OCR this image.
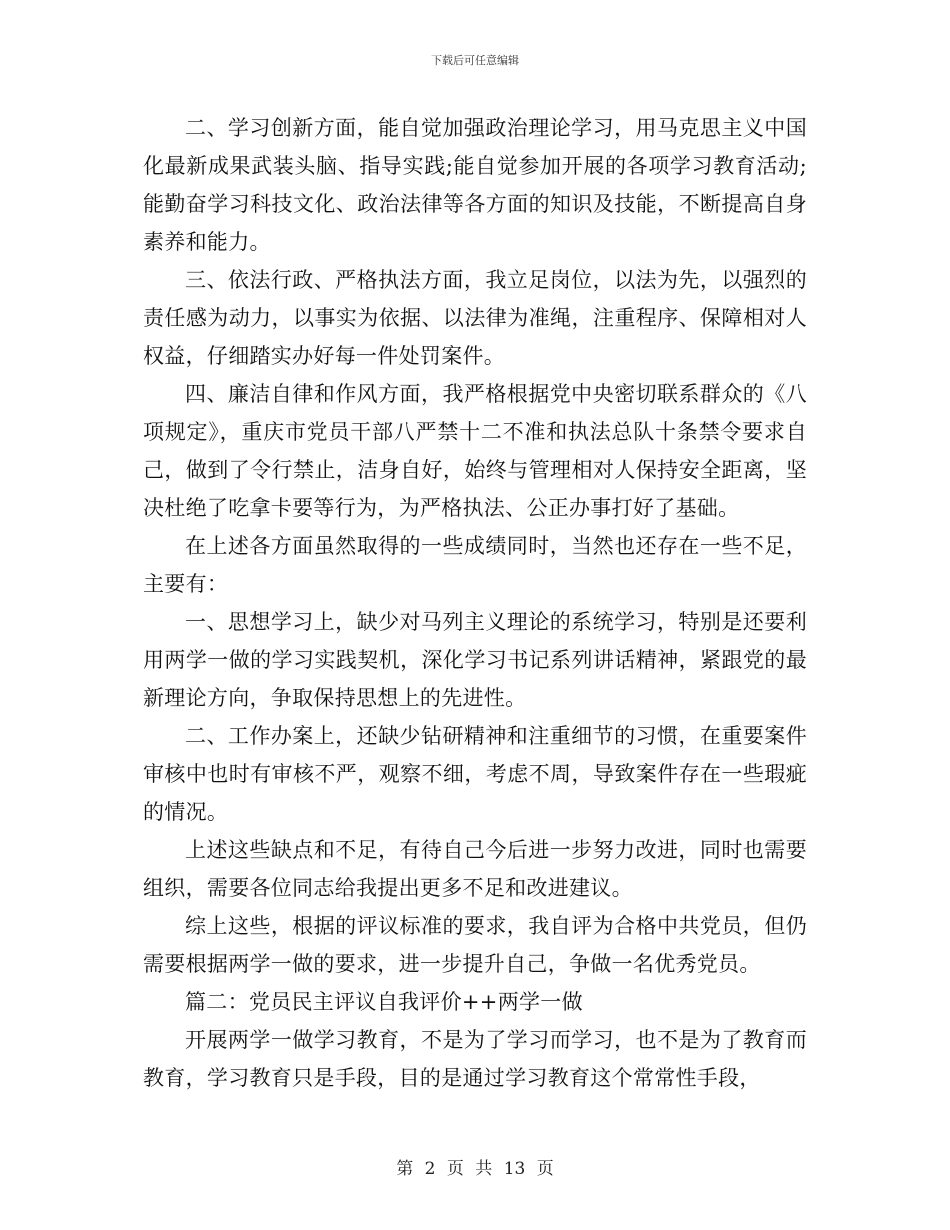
下载后可任意编辑

二、学习创新方面，能自觉加强政治理论学习，用马克思主义中国化最新成果武装头脑、指导实践;能自觉参加开展的各项学习教育活动;能勤奋学习科技文化、政治法律等各方面的知识及技能，不断提高自身素养和能力。

三、依法行政、严格执法方面，我立足岗位，以法为先，以强烈的责任感为动力，以事实为依据、以法律为准绳，注重程序、保障相对人权益，仔细踏实办好每一件处罚案件。

四、廉洁自律和作风方面，我严格根据党中央密切联系群众的《八项规定》，重庆市党员干部八严禁十二不准和执法总队十条禁令要求自己，做到了令行禁止，洁身自好，始终与管理相对人保持安全距离，坚决杜绝了吃拿卡要等行为，为严格执法、公正办事打好了基础。

在上述各方面虽然取得的一些成绩同时，当然也还存在一些不足，主要有：

一、思想学习上，缺少对马列主义理论的系统学习，特别是还要利用两学一做的学习实践契机，深化学习书记系列讲话精神，紧跟党的最新理论方向，争取保持思想上的先进性。

二、工作办案上，还缺少钻研精神和注重细节的习惯，在重要案件审核中也时有审核不严，观察不细，考虑不周，导致案件存在一些瑕疵的情况。

上述这些缺点和不足，有待自己今后进一步努力改进，同时也需要组织，需要各位同志给我提出更多不足和改进建议。

综上这些，根据的评议标准的要求，我自评为合格中共党员，但仍需要根据两学一做的要求，进一步提升自己，争做一名优秀党员。

篇二：党员民主评议自我评价++两学一做

开展两学一做学习教育，不是为了学习而学习，也不是为了教育而教育，学习教育只是手段，目的是通过学习教育这个常常性手段，

第 2 页 共 13 页
